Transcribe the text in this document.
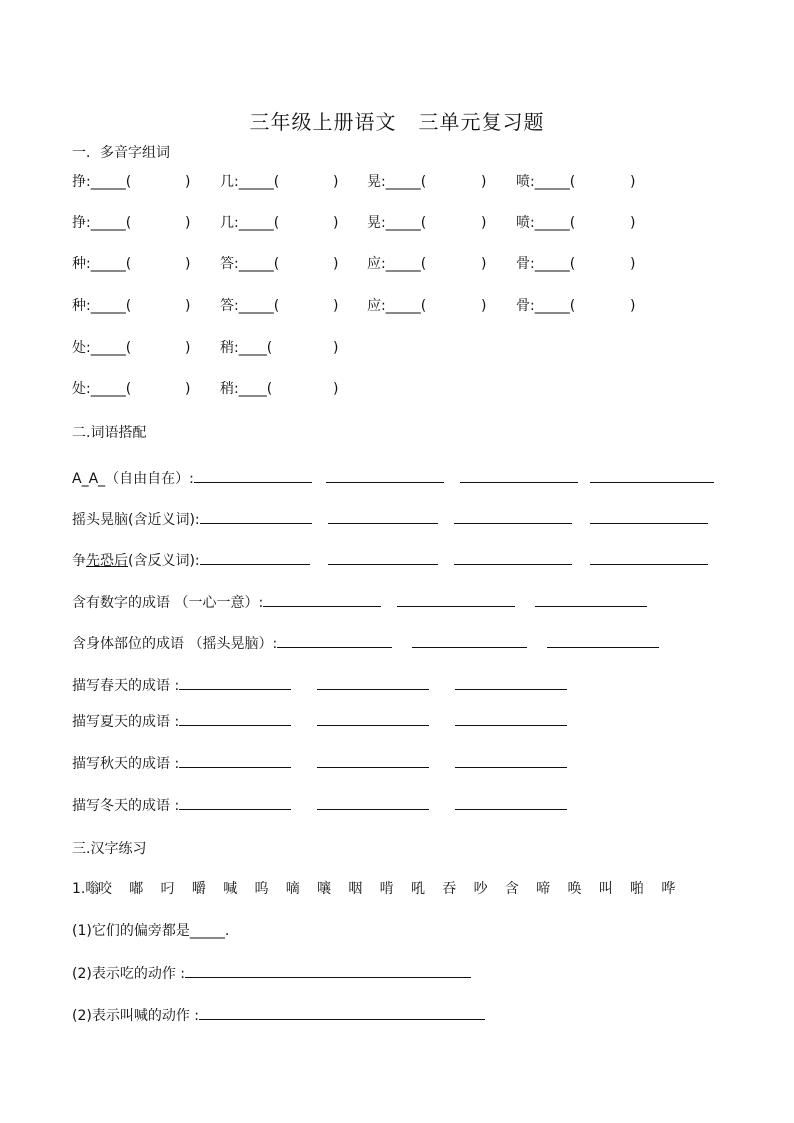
三年级上册语文 三单元复习题
一．多音字组词
挣:_____(	) 几:_____(	) 晃:_____(	) 喷:_____(	)
挣:_____(	) 几:_____(	) 晃:_____(	) 喷:_____(	)
种:_____(	) 答:_____(	) 应:_____(	) 骨:_____(	)
种:_____(	) 答:_____(	) 应:_____(	) 骨:_____(	)
处:_____(	) 稍:____(	)
处:_____(	) 稍:____(	)
二.词语搭配
A_A_（自由自在）:
摇头晃脑(含近义词):
争先恐后(含反义词):
含有数字的成语 （一心一意）:
含身体部位的成语 （摇头晃脑）:
描写春天的成语 :
描写夏天的成语 :
描写秋天的成语 :
描写冬天的成语 :
三.汉字练习
1.嗡咬 嘟 叼 嚼 喊 呜 嘀 嚷 咽 啃 吼 吞 吵 含 啼 唤 叫 啪 哗
(1)它们的偏旁都是_____.
(2)表示吃的动作 :
(2)表示叫喊的动作 :
